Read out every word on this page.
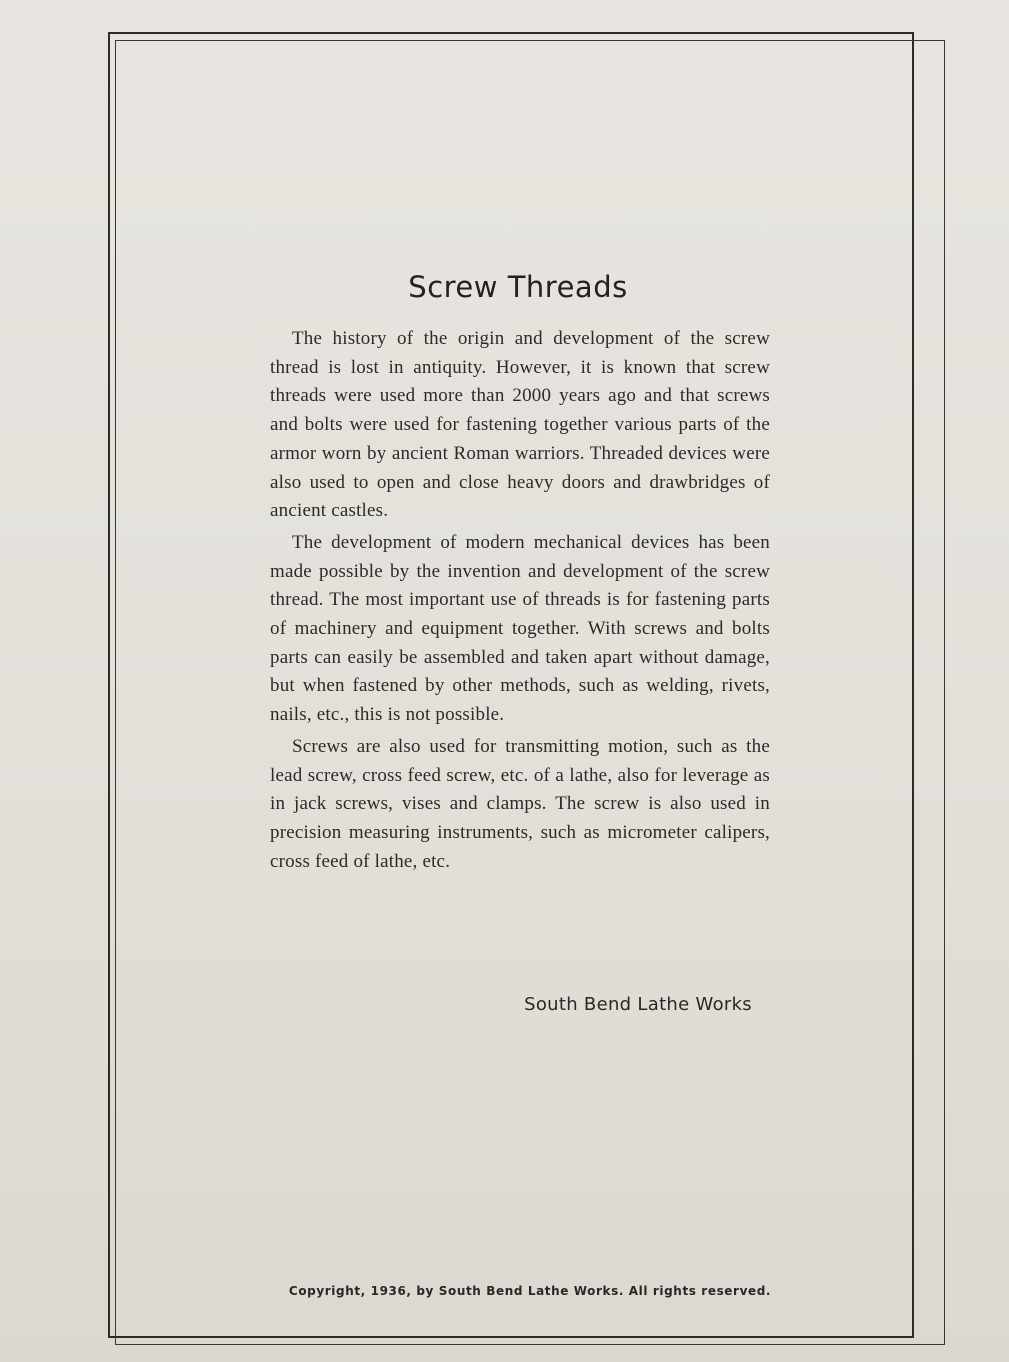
Screw Threads

The history of the origin and development of the screw thread is lost in antiquity. However, it is known that screw threads were used more than 2000 years ago and that screws and bolts were used for fastening together various parts of the armor worn by ancient Roman warriors. Threaded devices were also used to open and close heavy doors and drawbridges of ancient castles.

The development of modern mechanical devices has been made possible by the invention and development of the screw thread. The most important use of threads is for fastening parts of machinery and equipment together. With screws and bolts parts can easily be assembled and taken apart without damage, but when fastened by other methods, such as welding, rivets, nails, etc., this is not possible.

Screws are also used for transmitting motion, such as the lead screw, cross feed screw, etc. of a lathe, also for leverage as in jack screws, vises and clamps. The screw is also used in precision measuring instruments, such as micrometer calipers, cross feed of lathe, etc.

South Bend Lathe Works
Copyright, 1936, by South Bend Lathe Works. All rights reserved.
